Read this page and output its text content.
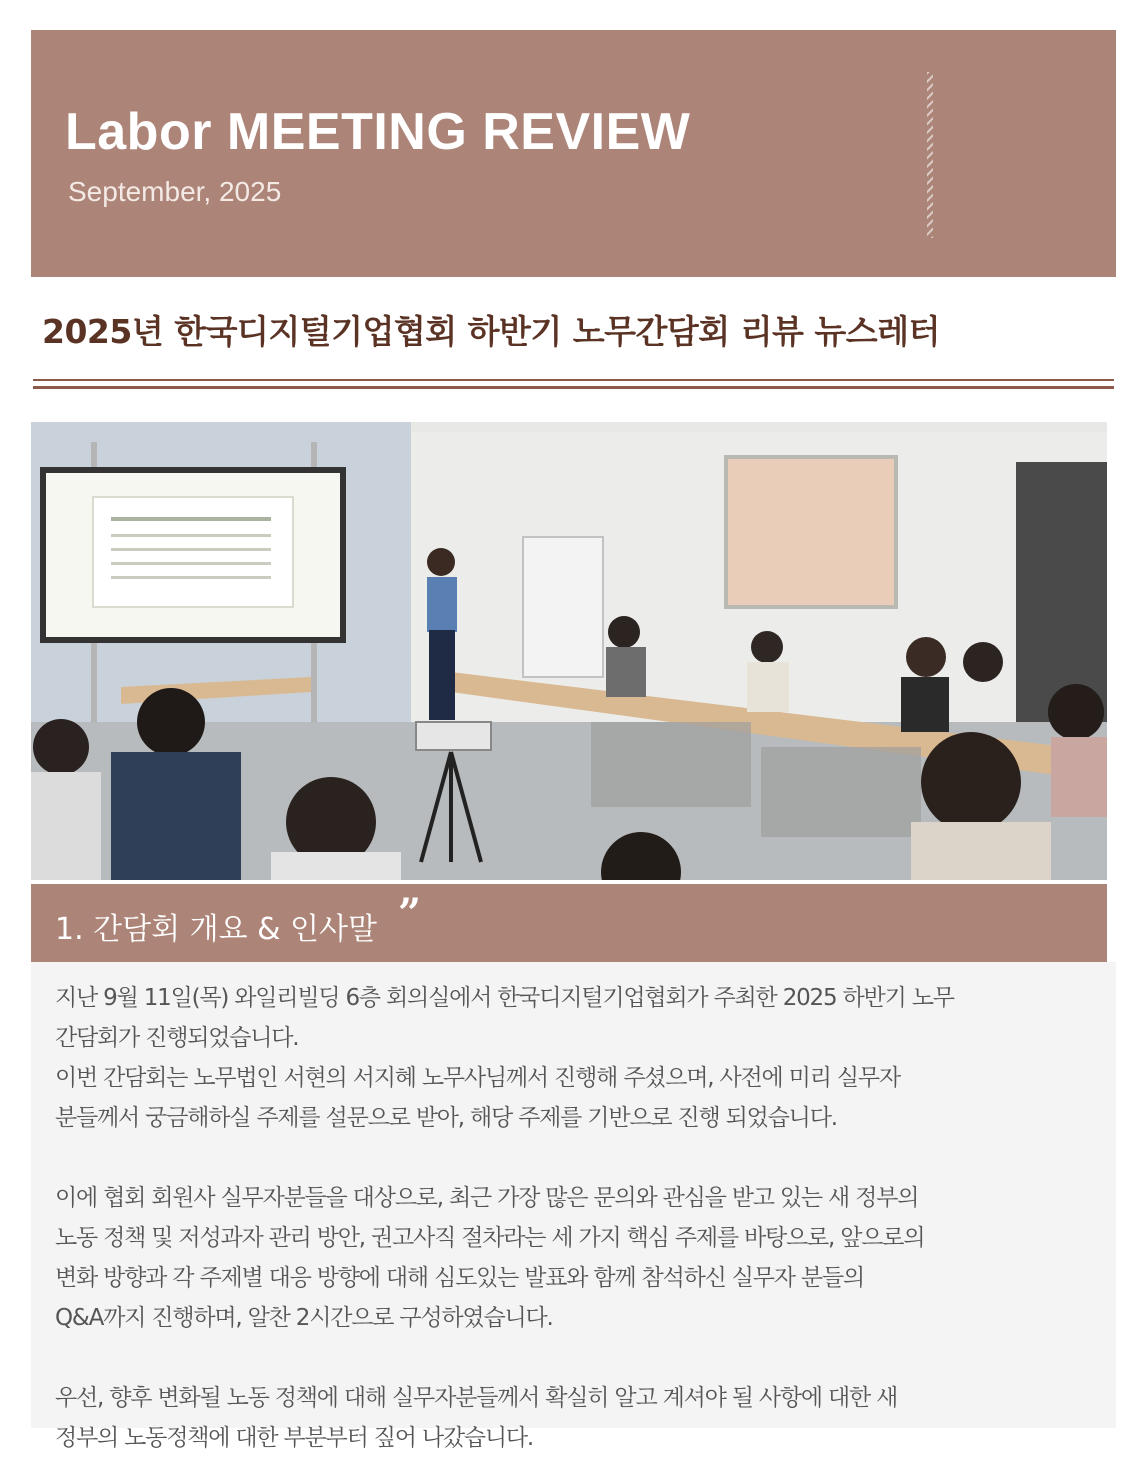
Labor MEETING REVIEW
September, 2025
2025년 한국디지털기업협회 하반기 노무간담회 리뷰 뉴스레터
1. 간담회 개요 & 인사말 ”
지난 9월 11일(목) 와일리빌딩 6층 회의실에서 한국디지털기업협회가 주최한 2025 하반기 노무
간담회가 진행되었습니다.
이번 간담회는 노무법인 서현의 서지혜 노무사님께서 진행해 주셨으며, 사전에 미리 실무자
분들께서 궁금해하실 주제를 설문으로 받아, 해당 주제를 기반으로 진행 되었습니다.
이에 협회 회원사 실무자분들을 대상으로, 최근 가장 많은 문의와 관심을 받고 있는 새 정부의
노동 정책 및 저성과자 관리 방안, 권고사직 절차라는 세 가지 핵심 주제를 바탕으로, 앞으로의
변화 방향과 각 주제별 대응 방향에 대해 심도있는 발표와 함께 참석하신 실무자 분들의
Q&A까지 진행하며, 알찬 2시간으로 구성하였습니다.
우선, 향후 변화될 노동 정책에 대해 실무자분들께서 확실히 알고 계셔야 될 사항에 대한 새
정부의 노동정책에 대한 부분부터 짚어 나갔습니다.
